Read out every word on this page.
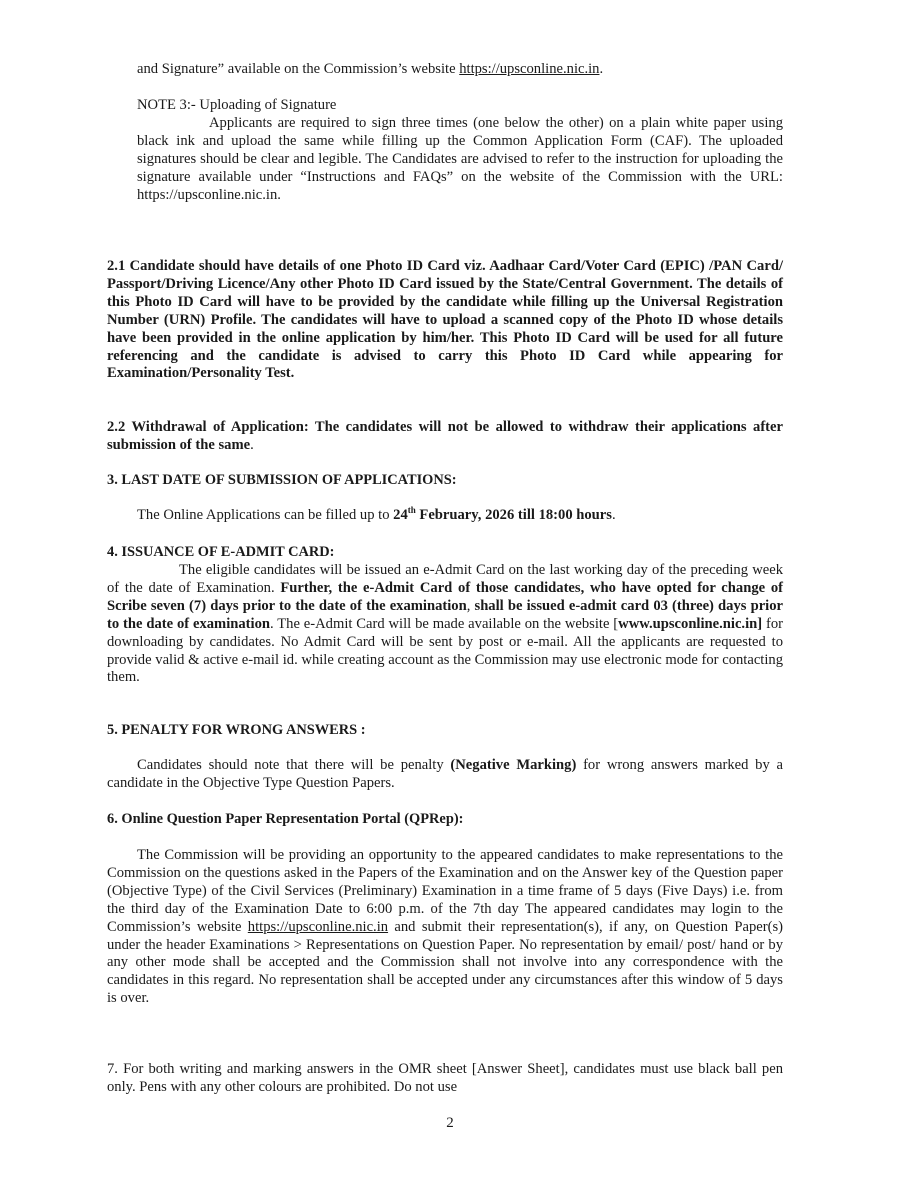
and Signature” available on the Commission’s website https://upsconline.nic.in.
NOTE 3:- Uploading of Signature
Applicants are required to sign three times (one below the other) on a plain white paper using black ink and upload the same while filling up the Common Application Form (CAF). The uploaded signatures should be clear and legible. The Candidates are advised to refer to the instruction for uploading the signature available under “Instructions and FAQs” on the website of the Commission with the URL: https://upsconline.nic.in.
2.1 Candidate should have details of one Photo ID Card viz. Aadhaar Card/Voter Card (EPIC) /PAN Card/ Passport/Driving Licence/Any other Photo ID Card issued by the State/Central Government. The details of this Photo ID Card will have to be provided by the candidate while filling up the Universal Registration Number (URN) Profile. The candidates will have to upload a scanned copy of the Photo ID whose details have been provided in the online application by him/her. This Photo ID Card will be used for all future referencing and the candidate is advised to carry this Photo ID Card while appearing for Examination/Personality Test.
2.2 Withdrawal of Application: The candidates will not be allowed to withdraw their applications after submission of the same.
3. LAST DATE OF SUBMISSION OF APPLICATIONS:
The Online Applications can be filled up to 24th February, 2026 till 18:00 hours.
4. ISSUANCE OF E-ADMIT CARD:
The eligible candidates will be issued an e-Admit Card on the last working day of the preceding week of the date of Examination. Further, the e-Admit Card of those candidates, who have opted for change of Scribe seven (7) days prior to the date of the examination, shall be issued e-admit card 03 (three) days prior to the date of examination. The e-Admit Card will be made available on the website [www.upsconline.nic.in] for downloading by candidates. No Admit Card will be sent by post or e-mail. All the applicants are requested to provide valid & active e-mail id. while creating account as the Commission may use electronic mode for contacting them.
5. PENALTY FOR WRONG ANSWERS :
Candidates should note that there will be penalty (Negative Marking) for wrong answers marked by a candidate in the Objective Type Question Papers.
6. Online Question Paper Representation Portal (QPRep):
The Commission will be providing an opportunity to the appeared candidates to make representations to the Commission on the questions asked in the Papers of the Examination and on the Answer key of the Question paper (Objective Type) of the Civil Services (Preliminary) Examination in a time frame of 5 days (Five Days) i.e. from the third day of the Examination Date to 6:00 p.m. of the 7th day The appeared candidates may login to the Commission’s website https://upsconline.nic.in and submit their representation(s), if any, on Question Paper(s) under the header Examinations > Representations on Question Paper. No representation by email/ post/ hand or by any other mode shall be accepted and the Commission shall not involve into any correspondence with the candidates in this regard. No representation shall be accepted under any circumstances after this window of 5 days is over.
7. For both writing and marking answers in the OMR sheet [Answer Sheet], candidates must use black ball pen only. Pens with any other colours are prohibited. Do not use
2
